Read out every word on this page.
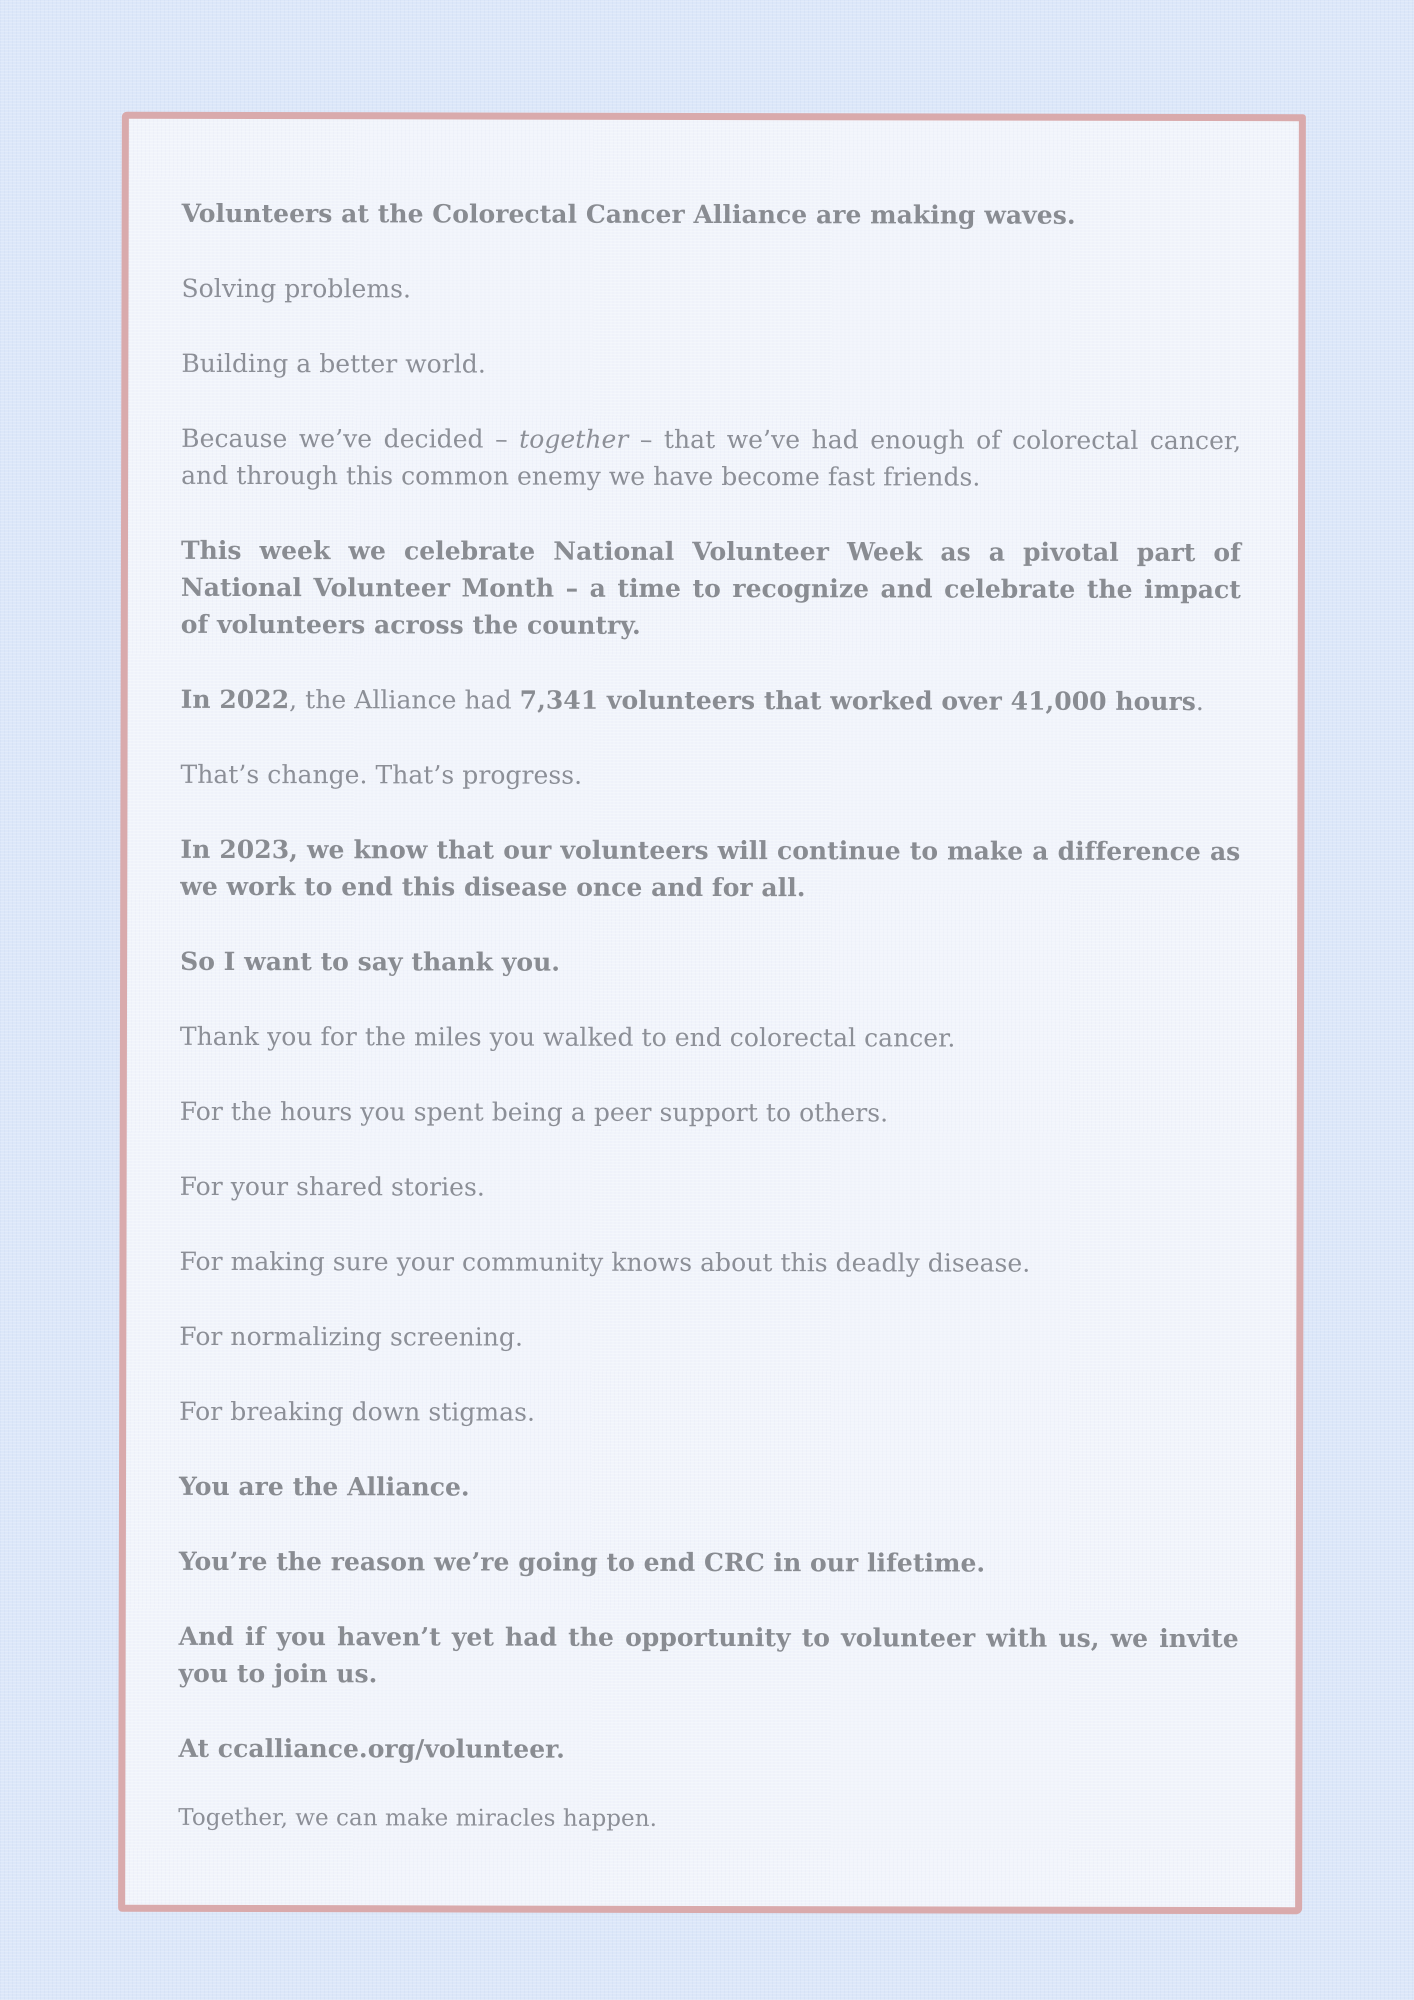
Volunteers at the Colorectal Cancer Alliance are making waves.

Solving problems.

Building a better world.

Because we’ve decided – together – that we’ve had enough of colorectal cancer, and through this common enemy we have become fast friends.

This week we celebrate National Volunteer Week as a pivotal part of National Volunteer Month – a time to recognize and celebrate the impact of volunteers across the country.

In 2022, the Alliance had 7,341 volunteers that worked over 41,000 hours.

That’s change. That’s progress.

In 2023, we know that our volunteers will continue to make a difference as we work to end this disease once and for all.

So I want to say thank you.

Thank you for the miles you walked to end colorectal cancer.

For the hours you spent being a peer support to others.

For your shared stories.

For making sure your community knows about this deadly disease.

For normalizing screening.

For breaking down stigmas.

You are the Alliance.

You’re the reason we’re going to end CRC in our lifetime.

And if you haven’t yet had the opportunity to volunteer with us, we invite you to join us.

At ccalliance.org/volunteer.

Together, we can make miracles happen.
